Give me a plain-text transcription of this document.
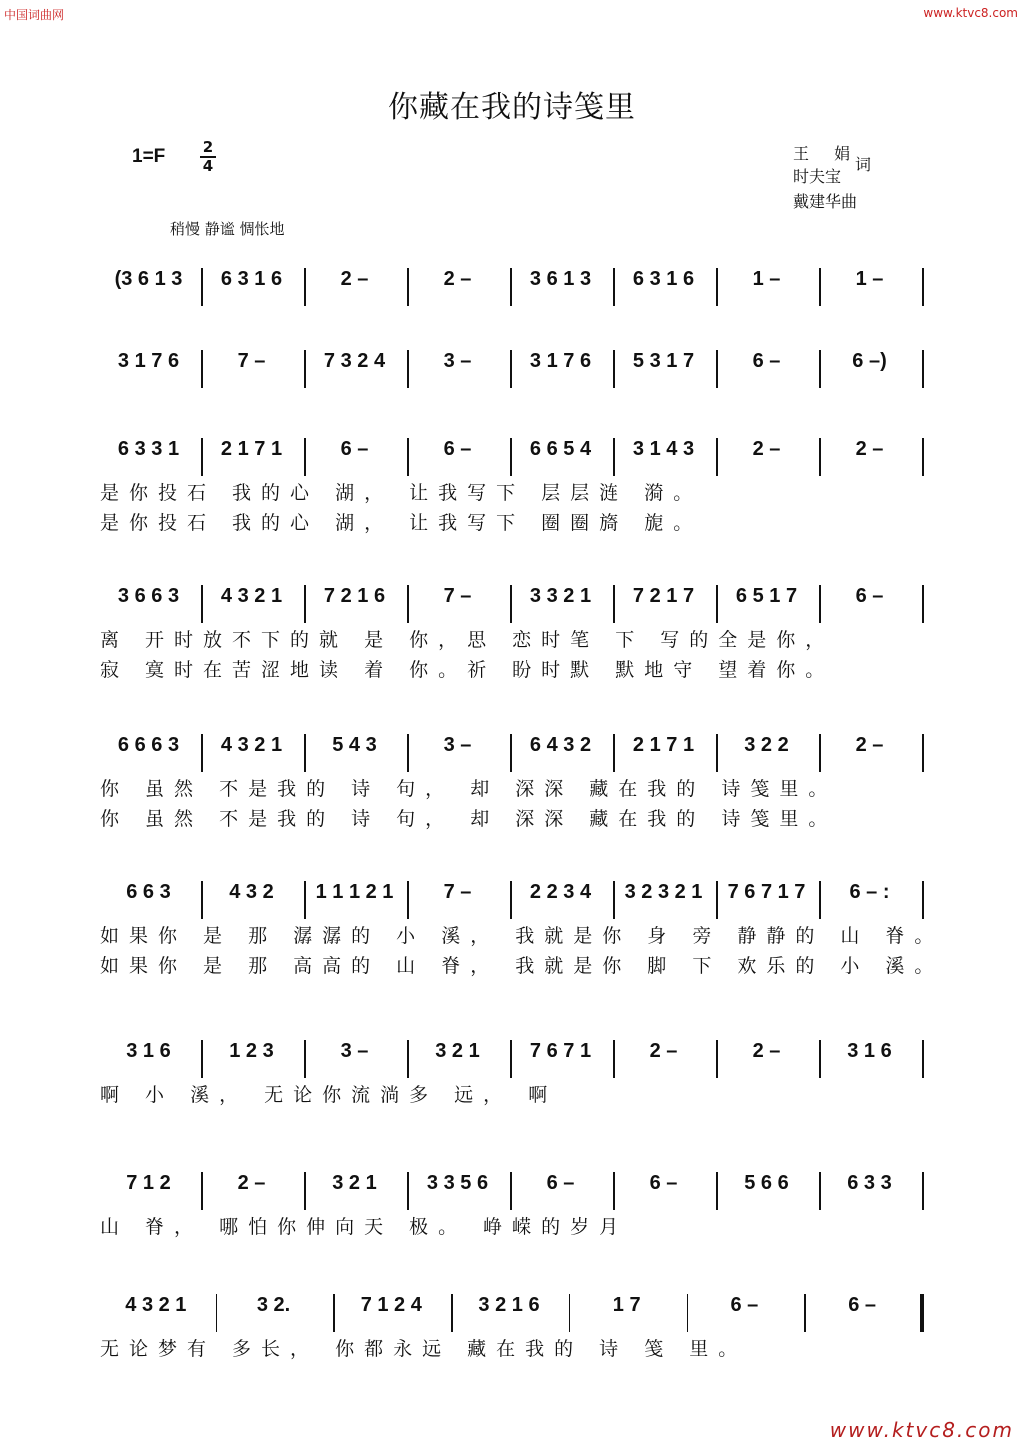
中国词曲网	www.ktvc8.com
你藏在我的诗笺里
1=F	2
4
稍慢 静谧 惆怅地
王 娟
时夫宝
词
戴建华曲
(3 6 1 3	6 3 1 6	2 –	2 –	3 6 1 3	6 3 1 6	1 –	1 –
3 1 7 6	7 –	7 3 2 4	3 –	3 1 7 6	5 3 1 7	6 –	6 –)
6 3 3 1	2 1 7 1	6 –	6 –	6 6 5 4	3 1 4 3	2 –	2 –
是你投石 我的心 湖， 让我写下 层层涟 漪。
是你投石 我的心 湖， 让我写下 圈圈旖 旎。
3 6 6 3	4 3 2 1	7 2 1 6	7 –	3 3 2 1	7 2 1 7	6 5 1 7	6 –
离 开时放不下的就 是 你，思 恋时笔 下 写的全是你，
寂 寞时在苦涩地读 着 你。祈 盼时默 默地守 望着你。
6 6 6 3	4 3 2 1	5 4 3	3 –	6 4 3 2	2 1 7 1	3 2 2	2 –
你 虽然 不是我的 诗 句， 却 深深 藏在我的 诗笺里。
你 虽然 不是我的 诗 句， 却 深深 藏在我的 诗笺里。
6 6 3	4 3 2	1 1 1 2 1	7 –	2 2 3 4	3 2 3 2 1	7 6 7 1 7	6 – :
如果你 是 那 潺潺的 小 溪， 我就是你 身 旁 静静的 山 脊。
如果你 是 那 高高的 山 脊， 我就是你 脚 下 欢乐的 小 溪。
3 1 6	1 2 3	3 –	3 2 1	7 6 7 1	2 –	2 –	3 1 6
啊 小 溪， 无论你流淌多 远， 啊
7 1 2	2 –	3 2 1	3 3 5 6	6 –	6 –	5 6 6	6 3 3
山 脊， 哪怕你伸向天 极。 峥嵘的岁月
4 3 2 1	3 2.	7 1 2 4	3 2 1 6	1 7	6 –	6 –
无论梦有 多长， 你都永远 藏在我的 诗 笺 里。
www.ktvc8.com
